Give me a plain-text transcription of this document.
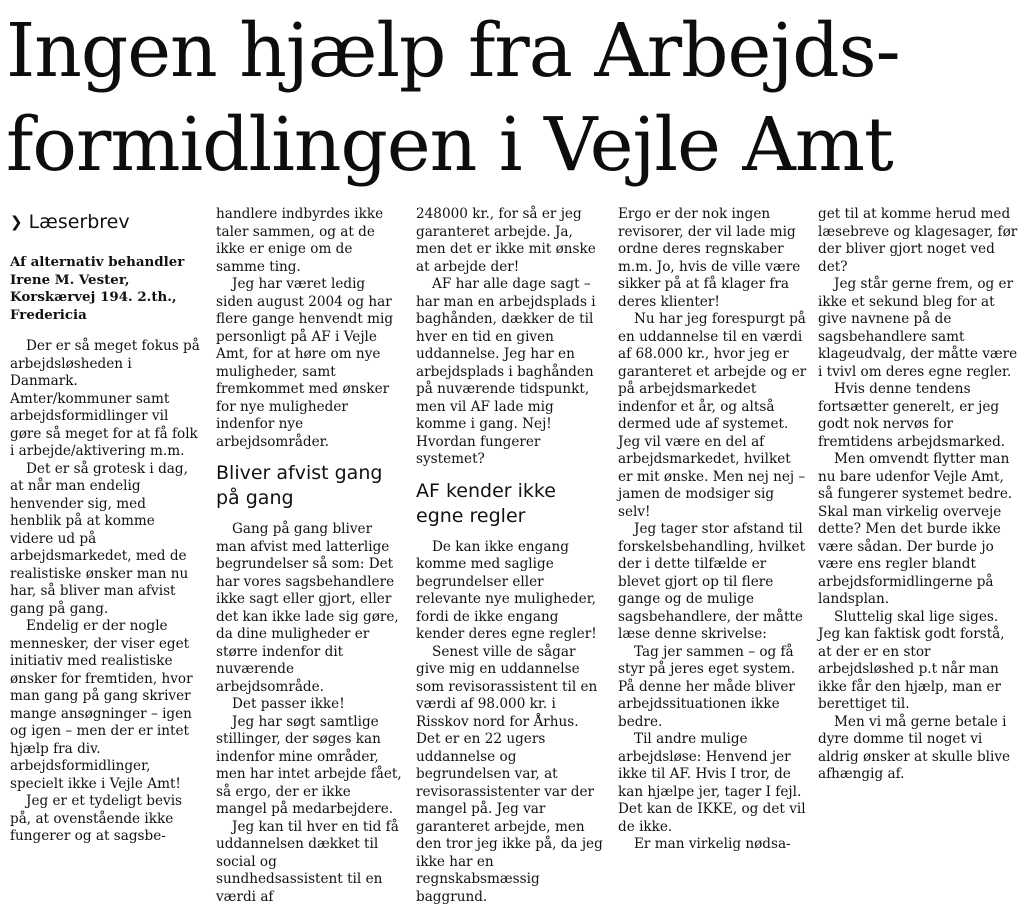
Ingen hjælp fra Arbejds-
formidlingen i Vejle Amt
❯ Læserbrev
Af alternativ behandler Irene M. Vester, Korskærvej 194. 2.th., Fredericia

Der er så meget fokus på arbejdsløsheden i Danmark. Amter/kommuner samt arbejdsformidlinger vil gøre så meget for at få folk i arbejde/aktivering m.m.

Det er så grotesk i dag, at når man endelig henvender sig, med henblik på at komme videre ud på arbejdsmarkedet, med de realistiske ønsker man nu har, så bliver man afvist gang på gang.

Endelig er der nogle mennesker, der viser eget initiativ med realistiske ønsker for fremtiden, hvor man gang på gang skriver mange ansøgninger – igen og igen – men der er intet hjælp fra div. arbejdsformidlinger, specielt ikke i Vejle Amt!

Jeg er et tydeligt bevis på, at ovenstående ikke fungerer og at sagsbe-

handlere indbyrdes ikke taler sammen, og at de ikke er enige om de samme ting.

Jeg har været ledig siden august 2004 og har flere gange henvendt mig personligt på AF i Vejle Amt, for at høre om nye muligheder, samt fremkommet med ønsker for nye muligheder indenfor nye arbejdsområder.

Bliver afvist gang på gang

Gang på gang bliver man afvist med latterlige begrundelser så som: Det har vores sagsbehandlere ikke sagt eller gjort, eller det kan ikke lade sig gøre, da dine muligheder er større indenfor dit nuværende arbejdsområde.

Det passer ikke!

Jeg har søgt samtlige stillinger, der søges kan indenfor mine områder, men har intet arbejde fået, så ergo, der er ikke mangel på medarbejdere.

Jeg kan til hver en tid få uddannelsen dækket til social og sundhedsassistent til en værdi af

248000 kr., for så er jeg garanteret arbejde. Ja, men det er ikke mit ønske at arbejde der!

AF har alle dage sagt – har man en arbejdsplads i baghånden, dækker de til hver en tid en given uddannelse. Jeg har en arbejdsplads i baghånden på nuværende tidspunkt, men vil AF lade mig komme i gang. Nej! Hvordan fungerer systemet?

AF kender ikke egne regler

De kan ikke engang komme med saglige begrundelser eller relevante nye muligheder, fordi de ikke engang kender deres egne regler!

Senest ville de sågar give mig en uddannelse som revisorassistent til en værdi af 98.000 kr. i Risskov nord for Århus. Det er en 22 ugers uddannelse og begrundelsen var, at revisorassistenter var der mangel på. Jeg var garanteret arbejde, men den tror jeg ikke på, da jeg ikke har en regnskabsmæssig baggrund.

Ergo er der nok ingen revisorer, der vil lade mig ordne deres regnskaber m.m. Jo, hvis de ville være sikker på at få klager fra deres klienter!

Nu har jeg forespurgt på en uddannelse til en værdi af 68.000 kr., hvor jeg er garanteret et arbejde og er på arbejdsmarkedet indenfor et år, og altså dermed ude af systemet. Jeg vil være en del af arbejdsmarkedet, hvilket er mit ønske. Men nej nej – jamen de modsiger sig selv!

Jeg tager stor afstand til forskelsbehandling, hvilket der i dette tilfælde er blevet gjort op til flere gange og de mulige sagsbehandlere, der måtte læse denne skrivelse:

Tag jer sammen – og få styr på jeres eget system. På denne her måde bliver arbejdssituationen ikke bedre.

Til andre mulige arbejdsløse: Henvend jer ikke til AF. Hvis I tror, de kan hjælpe jer, tager I fejl. Det kan de IKKE, og det vil de ikke.

Er man virkelig nødsa-

get til at komme herud med læsebreve og klagesager, før der bliver gjort noget ved det?

Jeg står gerne frem, og er ikke et sekund bleg for at give navnene på de sagsbehandlere samt klageudvalg, der måtte være i tvivl om deres egne regler.

Hvis denne tendens fortsætter generelt, er jeg godt nok nervøs for fremtidens arbejdsmarked.

Men omvendt flytter man nu bare udenfor Vejle Amt, så fungerer systemet bedre. Skal man virkelig overveje dette? Men det burde ikke være sådan. Der burde jo være ens regler blandt arbejdsformidlingerne på landsplan.

Sluttelig skal lige siges. Jeg kan faktisk godt forstå, at der er en stor arbejdsløshed p.t når man ikke får den hjælp, man er berettiget til.

Men vi må gerne betale i dyre domme til noget vi aldrig ønsker at skulle blive afhængig af.
